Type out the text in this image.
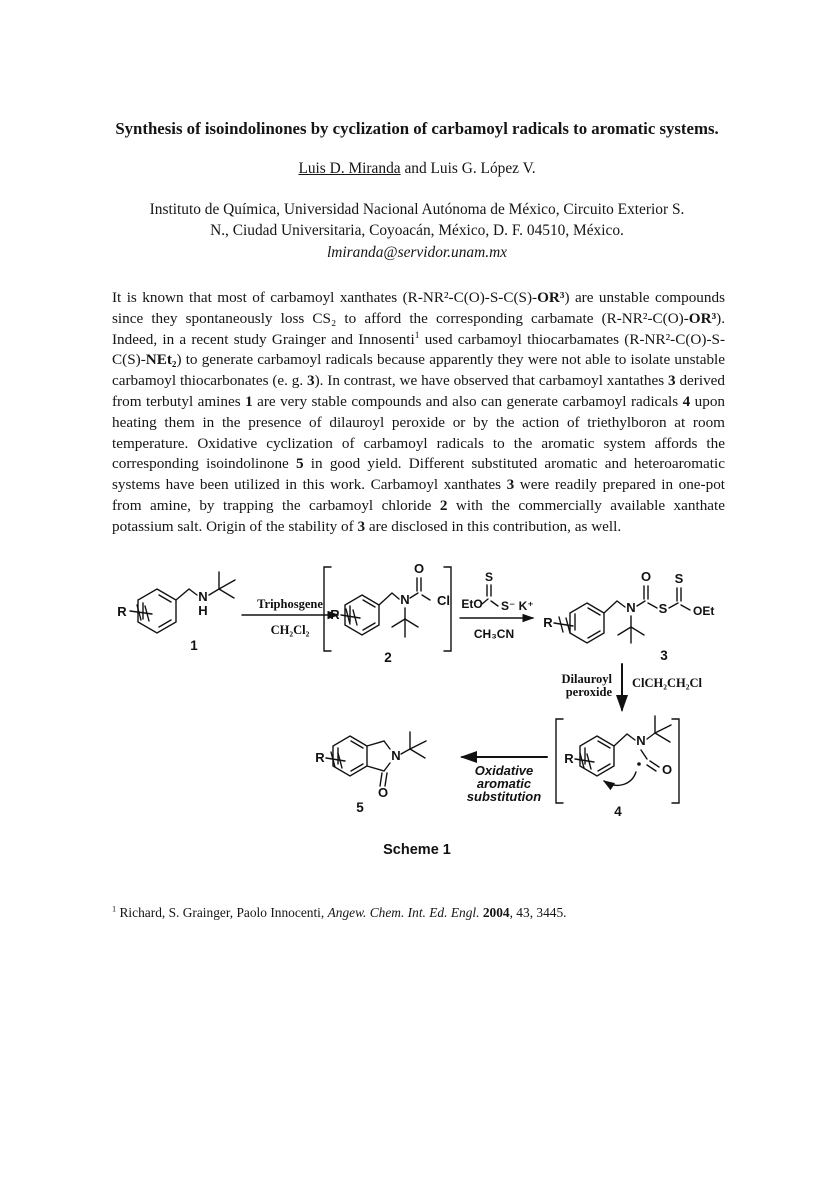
Synthesis of isoindolinones by cyclization of carbamoyl radicals to aromatic systems.
Luis D. Miranda and Luis G. López V.
Instituto de Química, Universidad Nacional Autónoma de México, Circuito Exterior S.
N., Ciudad Universitaria, Coyoacán, México, D. F. 04510, México.
lmiranda@servidor.unam.mx

It is known that most of carbamoyl xanthates (R-NR²-C(O)-S-C(S)-OR³) are unstable compounds since they spontaneously loss CS₂ to afford the corresponding carbamate (R-NR²-C(O)-OR³). Indeed, in a recent study Grainger and Innosenti$^1$ used carbamoyl thiocarbamates (R-NR²-C(O)-S-C(S)-NEt₂) to generate carbamoyl radicals because apparently they were not able to isolate unstable carbamoyl thiocarbonates (e. g. 3). In contrast, we have observed that carbamoyl xantathes 3 derived from terbutyl amines 1 are very stable compounds and also can generate carbamoyl radicals 4 upon heating them in the presence of dilauroyl peroxide or by the action of triethylboron at room temperature. Oxidative cyclization of carbamoyl radicals to the aromatic system affords the corresponding isoindolinone 5 in good yield. Different substituted aromatic and heteroaromatic systems have been utilized in this work. Carbamoyl xanthates 3 were readily prepared in one-pot from amine, by trapping the carbamoyl chloride 2 with the commercially available xanthate potassium salt. Origin of the stability of 3 are disclosed in this contribution, as well.

R
N
H
1
Triphosgene
CH₂Cl₂
R
N
O
Cl
2
EtO
S
S⁻ K⁺
CH₃CN
R
N
O
S
S
OEt
3
Dilauroyl
peroxide
ClCH₂CH₂Cl
R
N
O
4
Oxidative
aromatic
substitution
R	N
O
5
Scheme 1

$^1$ Richard, S. Grainger, Paolo Innocenti, Angew. Chem. Int. Ed. Engl. 2004, 43, 3445.
